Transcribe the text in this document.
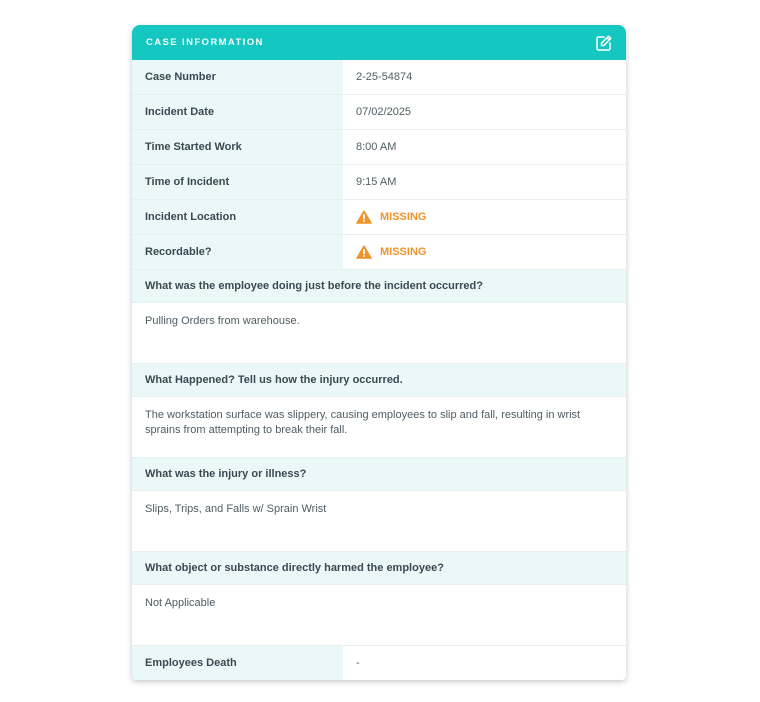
CASE INFORMATION
Case Number	2-25-54874
Incident Date	07/02/2025
Time Started Work	8:00 AM
Time of Incident	9:15 AM
Incident Location	MISSING
Recordable?	MISSING
What was the employee doing just before the incident occurred?
Pulling Orders from warehouse.
What Happened? Tell us how the injury occurred.
The workstation surface was slippery, causing employees to slip and fall, resulting in wrist sprains from attempting to break their fall.
What was the injury or illness?
Slips, Trips, and Falls w/ Sprain Wrist
What object or substance directly harmed the employee?
Not Applicable
Employees Death	-
